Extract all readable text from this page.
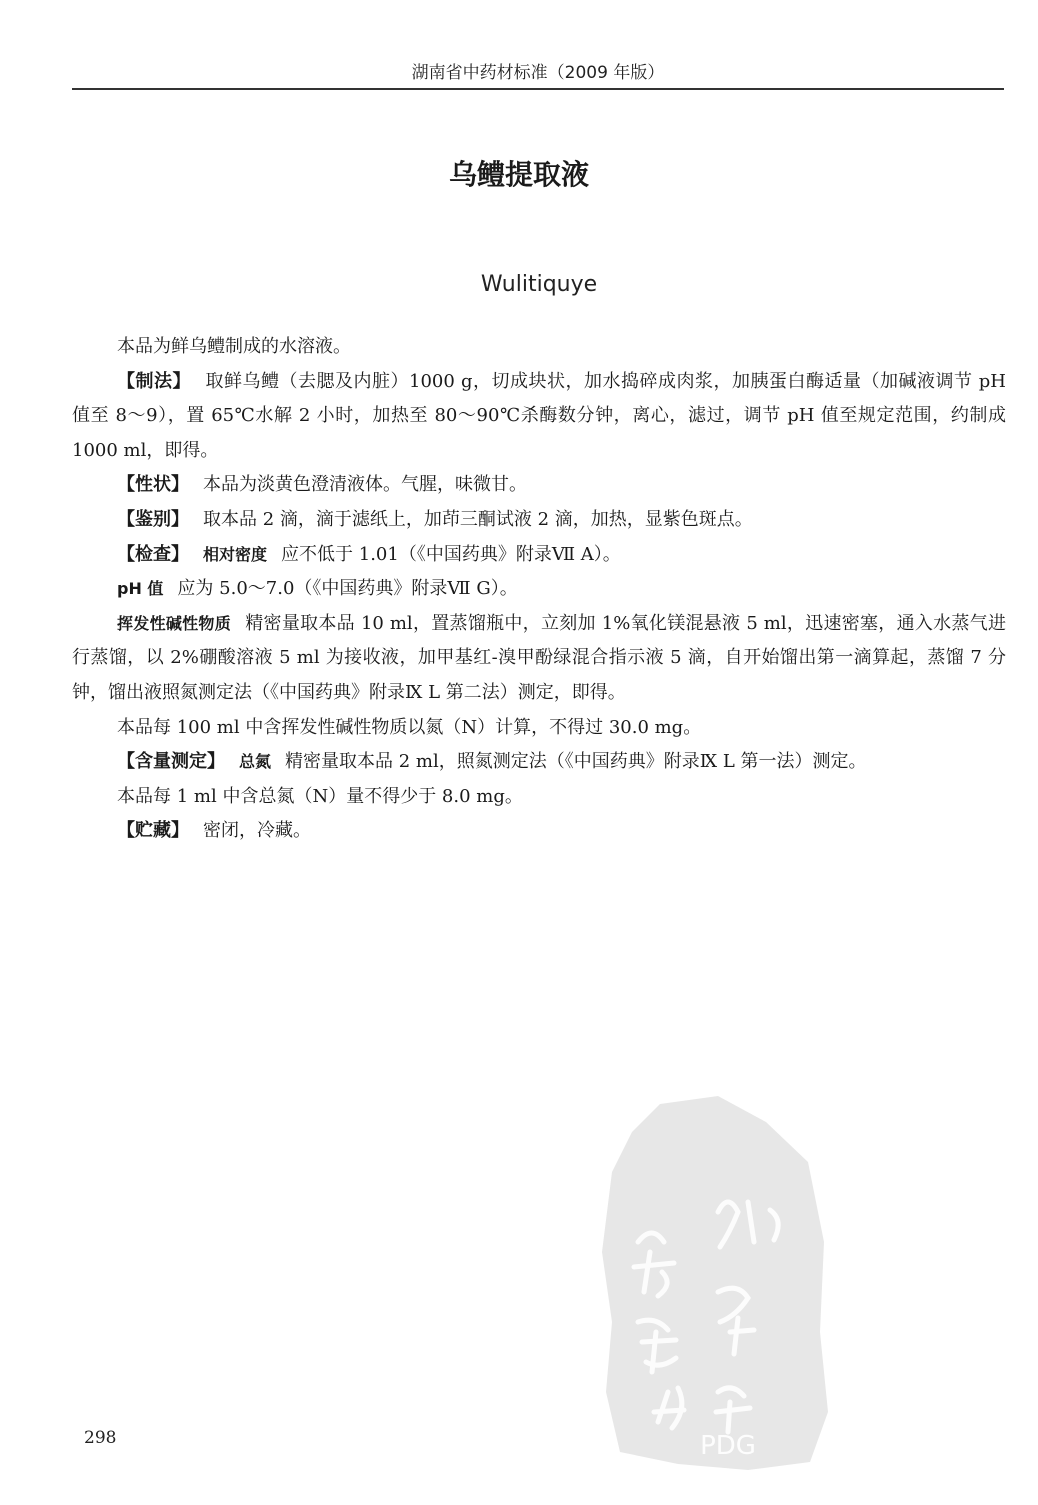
湖南省中药材标准（2009 年版）
乌鳢提取液
Wulitiquye

本品为鲜乌鳢制成的水溶液。

【制法】 取鲜乌鳢（去腮及内脏）1000 g，切成块状，加水捣碎成肉浆，加胰蛋白酶适量（加碱液调节 pH 值至 8～9），置 65℃水解 2 小时，加热至 80～90℃杀酶数分钟，离心，滤过，调节 pH 值至规定范围，约制成 1000 ml，即得。

【性状】 本品为淡黄色澄清液体。气腥，味微甘。

【鉴别】 取本品 2 滴，滴于滤纸上，加茚三酮试液 2 滴，加热，显紫色斑点。

【检查】 相对密度 应不低于 1.01（《中国药典》附录Ⅶ A）。

pH 值 应为 5.0～7.0（《中国药典》附录Ⅶ G）。

挥发性碱性物质 精密量取本品 10 ml，置蒸馏瓶中，立刻加 1%氧化镁混悬液 5 ml，迅速密塞，通入水蒸气进行蒸馏，以 2%硼酸溶液 5 ml 为接收液，加甲基红-溴甲酚绿混合指示液 5 滴，自开始馏出第一滴算起，蒸馏 7 分钟，馏出液照氮测定法（《中国药典》附录Ⅸ L 第二法）测定，即得。

本品每 100 ml 中含挥发性碱性物质以氮（N）计算，不得过 30.0 mg。

【含量测定】 总氮 精密量取本品 2 ml，照氮测定法（《中国药典》附录Ⅸ L 第一法）测定。

本品每 1 ml 中含总氮（N）量不得少于 8.0 mg。

【贮藏】 密闭，冷藏。

298	PDG
